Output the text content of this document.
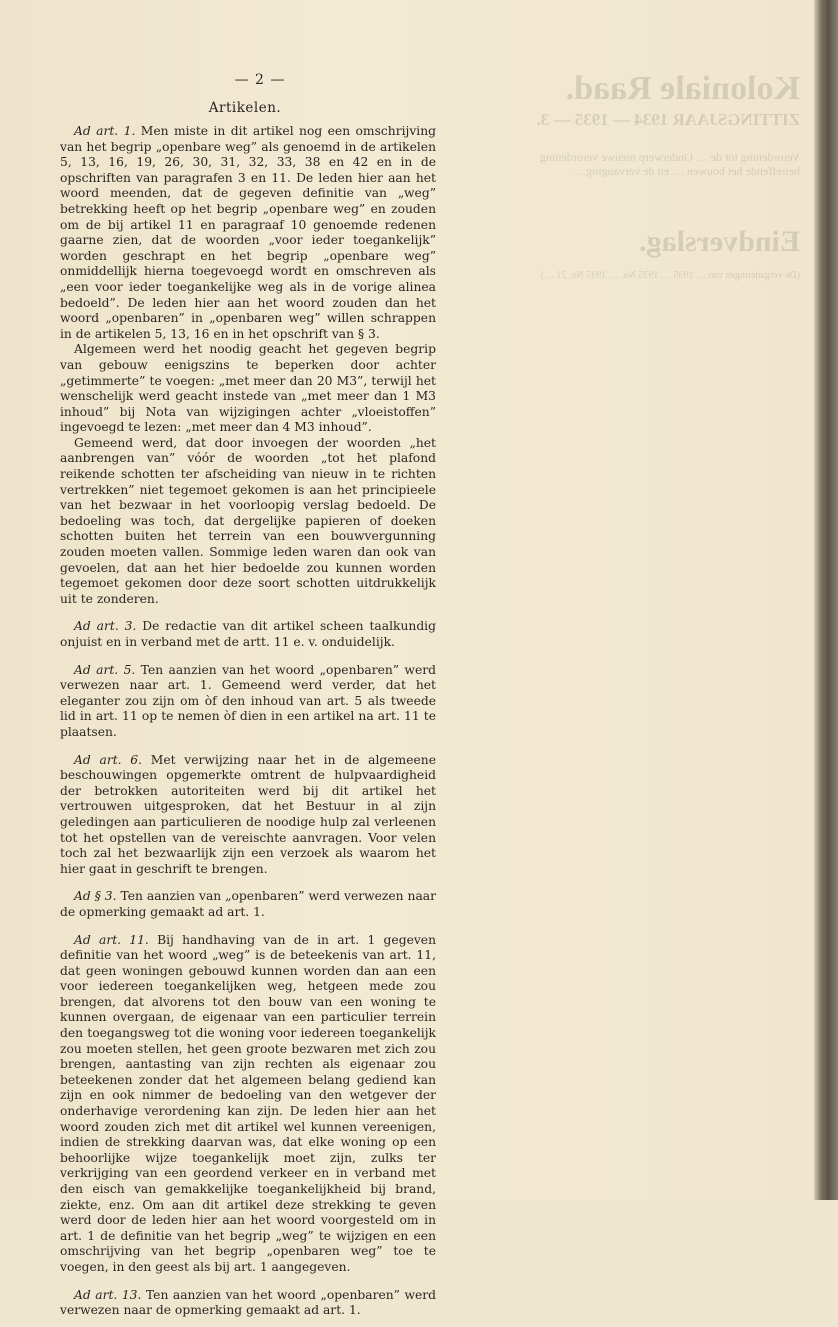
Koloniale Raad.
ZITTINGSJAAR 1934 — 1935 — 3.
Verordening tot de … Onderwerp nieuwe verordening betreffende het bouwen … en de vervanging…
Eindverslag.
(De vergaderingen van … 1935 … 1935 No. … 1935 No. 21 …)
— 2 —
Artikelen.

Ad art. 1. Men miste in dit artikel nog een omschrijving van het begrip „openbare weg” als genoemd in de artikelen 5, 13, 16, 19, 26, 30, 31, 32, 33, 38 en 42 en in de opschriften van paragrafen 3 en 11. De leden hier aan het woord meenden, dat de gegeven definitie van „weg” betrekking heeft op het begrip „openbare weg” en zouden om de bij artikel 11 en paragraaf 10 genoemde redenen gaarne zien, dat de woorden „voor ieder toegankelijk” worden geschrapt en het begrip „openbare weg” onmiddellijk hierna toegevoegd wordt en omschreven als „een voor ieder toegankelijke weg als in de vorige alinea bedoeld”. De leden hier aan het woord zouden dan het woord „openbaren” in „openbaren weg” willen schrappen in de artikelen 5, 13, 16 en in het opschrift van § 3.

Algemeen werd het noodig geacht het gegeven begrip van gebouw eenigszins te beperken door achter „getimmerte” te voegen: „met meer dan 20 M3”, terwijl het wenschelijk werd geacht instede van „met meer dan 1 M3 inhoud” bij Nota van wijzigingen achter „vloeistoffen” ingevoegd te lezen: „met meer dan 4 M3 inhoud”.

Gemeend werd, dat door invoegen der woorden „het aanbrengen van” vóór de woorden „tot het plafond reikende schotten ter afscheiding van nieuw in te richten vertrekken” niet tegemoet gekomen is aan het principieele van het bezwaar in het voorloopig verslag bedoeld. De bedoeling was toch, dat dergelijke papieren of doeken schotten buiten het terrein van een bouwvergunning zouden moeten vallen. Sommige leden waren dan ook van gevoelen, dat aan het hier bedoelde zou kunnen worden tegemoet gekomen door deze soort schotten uitdrukkelijk uit te zonderen.

Ad art. 3. De redactie van dit artikel scheen taalkundig onjuist en in verband met de artt. 11 e. v. onduidelijk.

Ad art. 5. Ten aanzien van het woord „openbaren” werd verwezen naar art. 1. Gemeend werd verder, dat het eleganter zou zijn om òf den inhoud van art. 5 als tweede lid in art. 11 op te nemen òf dien in een artikel na art. 11 te plaatsen.

Ad art. 6. Met verwijzing naar het in de algemeene beschouwingen opgemerkte omtrent de hulpvaardigheid der betrokken autoriteiten werd bij dit artikel het vertrouwen uitgesproken, dat het Bestuur in al zijn geledingen aan particulieren de noodige hulp zal verleenen tot het opstellen van de vereischte aanvragen. Voor velen toch zal het bezwaarlijk zijn een verzoek als waarom het hier gaat in geschrift te brengen.

Ad § 3. Ten aanzien van „openbaren” werd verwezen naar de opmerking gemaakt ad art. 1.

Ad art. 11. Bij handhaving van de in art. 1 gegeven definitie van het woord „weg” is de beteekenis van art. 11, dat geen woningen gebouwd kunnen worden dan aan een voor iedereen toegankelijken weg, hetgeen mede zou brengen, dat alvorens tot den bouw van een woning te kunnen overgaan, de eigenaar van een particulier terrein den toegangsweg tot die woning voor iedereen toegankelijk zou moeten stellen, het geen groote bezwaren met zich zou brengen, aantasting van zijn rechten als eigenaar zou beteekenen zonder dat het algemeen belang gediend kan zijn en ook nimmer de bedoeling van den wetgever der onderhavige verordening kan zijn. De leden hier aan het woord zouden zich met dit artikel wel kunnen vereenigen, indien de strekking daarvan was, dat elke woning op een behoorlijke wijze toegankelijk moet zijn, zulks ter verkrijging van een geordend verkeer en in verband met den eisch van gemakkelijke toegankelijkheid bij brand, ziekte, enz. Om aan dit artikel deze strekking te geven werd door de leden hier aan het woord voorgesteld om in art. 1 de definitie van het begrip „weg” te wijzigen en een omschrijving van het begrip „openbaren weg” toe te voegen, in den geest als bij art. 1 aangegeven.

Ad art. 13. Ten aanzien van het woord „openbaren” werd verwezen naar de opmerking gemaakt ad art. 1.
